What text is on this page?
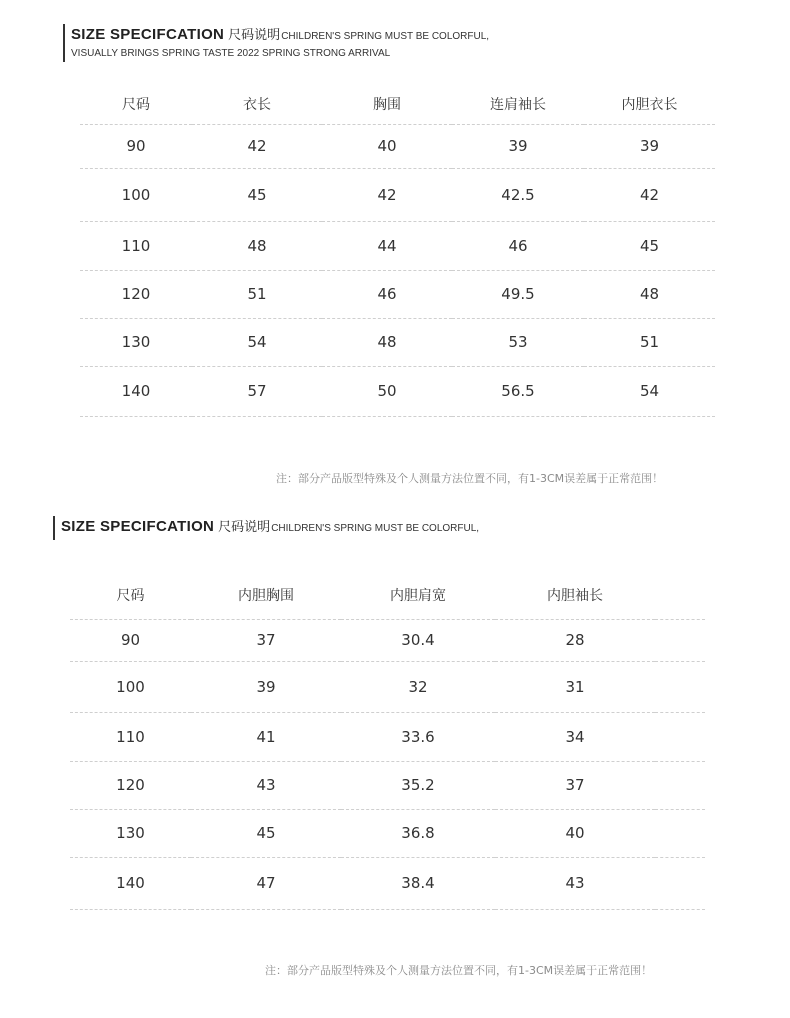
SIZE SPECIFCATION 尺码说明CHILDREN'S SPRING MUST BE COLORFUL,
VISUALLY BRINGS SPRING TASTE 2022 SPRING STRONG ARRIVAL
尺码	衣长	胸围	连肩袖长	内胆衣长
90	42	40	39	39
100	45	42	42.5	42
110	48	44	46	45
120	51	46	49.5	48
130	54	48	53	51
140	57	50	56.5	54
注：部分产品版型特殊及个人测量方法位置不同，有1-3CM误差属于正常范围！
SIZE SPECIFCATION 尺码说明CHILDREN'S SPRING MUST BE COLORFUL,
尺码	内胆胸围	内胆肩宽	内胆袖长	
90	37	30.4	28	
100	39	32	31	
110	41	33.6	34	
120	43	35.2	37	
130	45	36.8	40	
140	47	38.4	43	
注：部分产品版型特殊及个人测量方法位置不同，有1-3CM误差属于正常范围！
